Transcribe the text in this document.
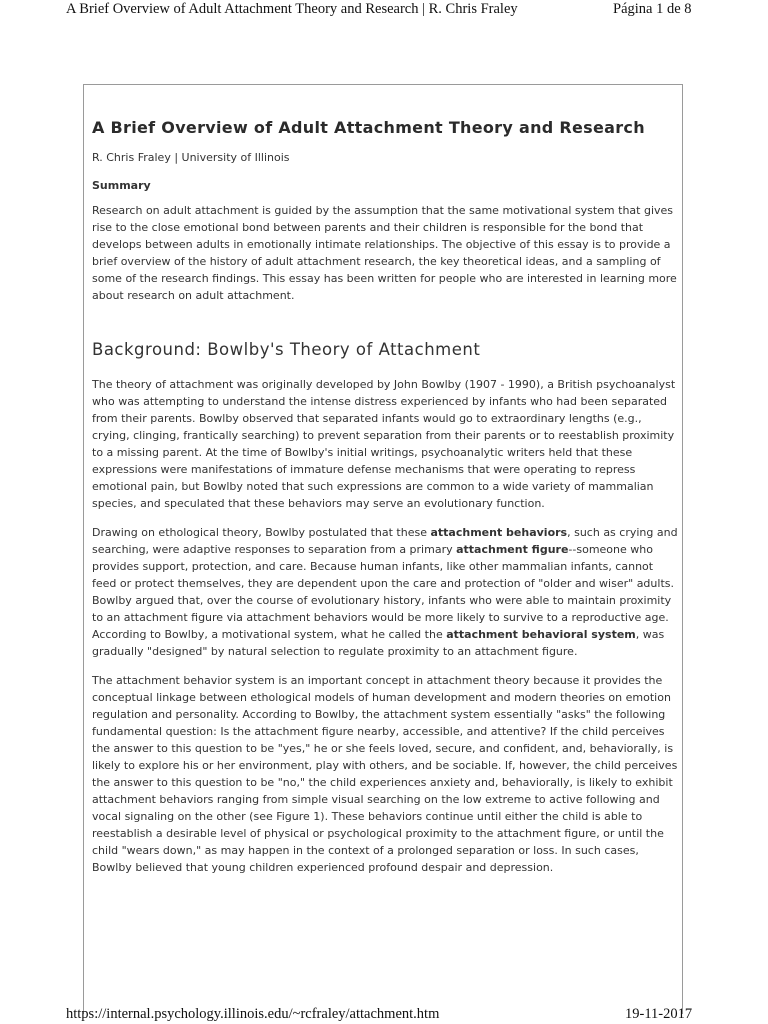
A Brief Overview of Adult Attachment Theory and Research | R. Chris Fraley	Página 1 de 8
A Brief Overview of Adult Attachment Theory and Research
R. Chris Fraley | University of Illinois
Summary

Research on adult attachment is guided by the assumption that the same motivational system that gives rise to the close emotional bond between parents and their children is responsible for the bond that develops between adults in emotionally intimate relationships. The objective of this essay is to provide a brief overview of the history of adult attachment research, the key theoretical ideas, and a sampling of some of the research findings. This essay has been written for people who are interested in learning more about research on adult attachment.

Background: Bowlby's Theory of Attachment

The theory of attachment was originally developed by John Bowlby (1907 - 1990), a British psychoanalyst who was attempting to understand the intense distress experienced by infants who had been separated from their parents. Bowlby observed that separated infants would go to extraordinary lengths (e.g., crying, clinging, frantically searching) to prevent separation from their parents or to reestablish proximity to a missing parent. At the time of Bowlby's initial writings, psychoanalytic writers held that these expressions were manifestations of immature defense mechanisms that were operating to repress emotional pain, but Bowlby noted that such expressions are common to a wide variety of mammalian species, and speculated that these behaviors may serve an evolutionary function.

Drawing on ethological theory, Bowlby postulated that these attachment behaviors, such as crying and searching, were adaptive responses to separation from a primary attachment figure--someone who provides support, protection, and care. Because human infants, like other mammalian infants, cannot feed or protect themselves, they are dependent upon the care and protection of "older and wiser" adults. Bowlby argued that, over the course of evolutionary history, infants who were able to maintain proximity to an attachment figure via attachment behaviors would be more likely to survive to a reproductive age. According to Bowlby, a motivational system, what he called the attachment behavioral system, was gradually "designed" by natural selection to regulate proximity to an attachment figure.

The attachment behavior system is an important concept in attachment theory because it provides the conceptual linkage between ethological models of human development and modern theories on emotion regulation and personality. According to Bowlby, the attachment system essentially "asks" the following fundamental question: Is the attachment figure nearby, accessible, and attentive? If the child perceives the answer to this question to be "yes," he or she feels loved, secure, and confident, and, behaviorally, is likely to explore his or her environment, play with others, and be sociable. If, however, the child perceives the answer to this question to be "no," the child experiences anxiety and, behaviorally, is likely to exhibit attachment behaviors ranging from simple visual searching on the low extreme to active following and vocal signaling on the other (see Figure 1). These behaviors continue until either the child is able to reestablish a desirable level of physical or psychological proximity to the attachment figure, or until the child "wears down," as may happen in the context of a prolonged separation or loss. In such cases, Bowlby believed that young children experienced profound despair and depression.

https://internal.psychology.illinois.edu/~rcfraley/attachment.htm	19-11-2017
